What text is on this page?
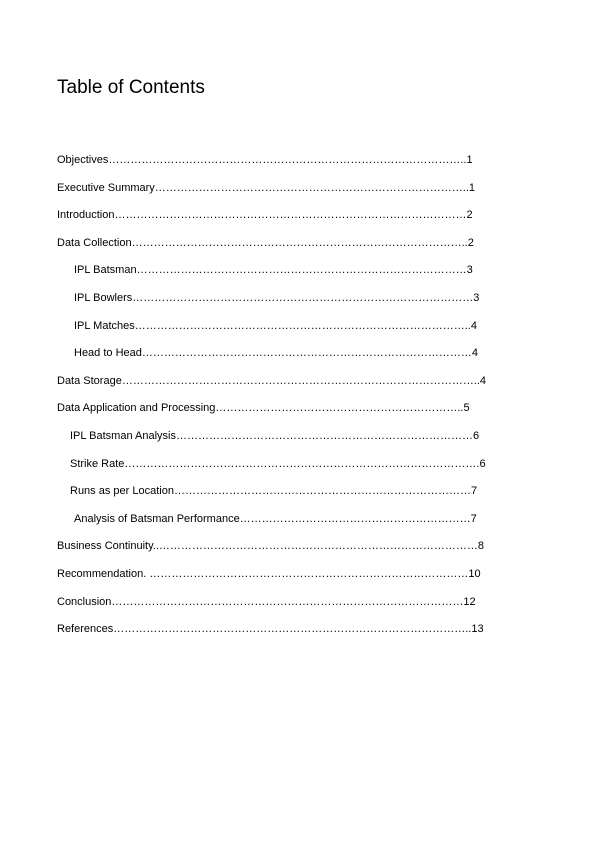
Table of Contents
Objectives……………………………………………………………………………………..1
Executive Summary…………………………………………………………………………..1
Introduction……………………………………………………………………………………2
Data Collection………………………………………………………………………………..2
IPL Batsman………………………………………………………………………………3
IPL Bowlers…………………………………………………………………………………3
IPL Matches………………………………………………………………………………..4
Head to Head………………………………………………………………………………4
Data Storage……………………………………………………………………………………..4
Data Application and Processing…………………………………………………………..5
IPL Batsman Analysis………………………………………………………………………6
Strike Rate…………………………………………………………………………………….6
Runs as per Location………………………………………………………………………7
Analysis of Batsman Performance………………………………………………………7
Business Continuity..……………………………………………………………………………8
Recommendation. ……………………………………………………………………………10
Conclusion……………………………………………………………………………………12
References……………………………………………………………………………………..13
